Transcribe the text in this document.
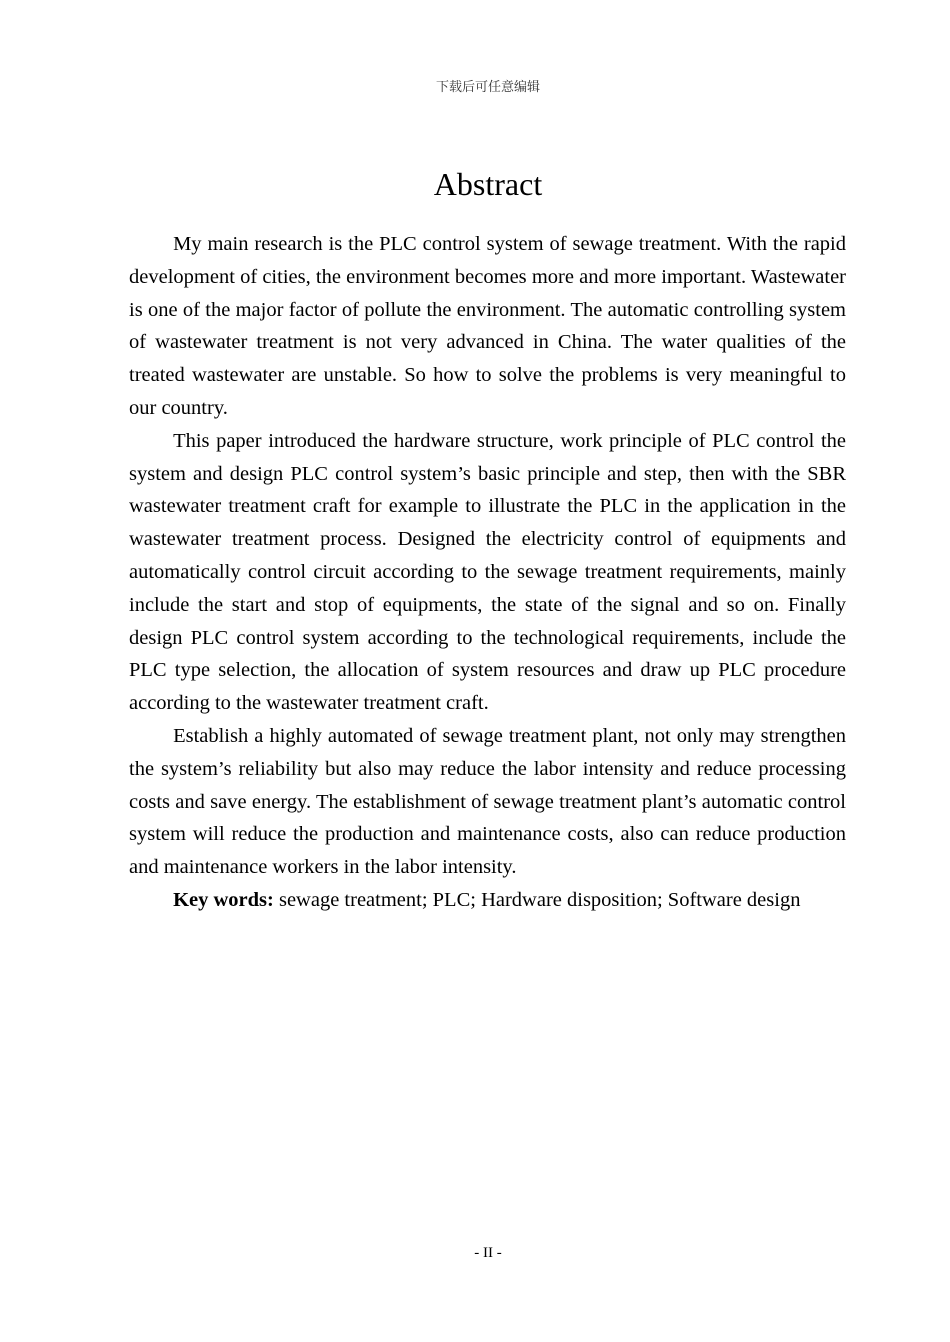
下载后可任意编辑
Abstract

My main research is the PLC control system of sewage treatment. With the rapid development of cities, the environment becomes more and more important. Wastewater is one of the major factor of pollute the environment. The automatic controlling system of wastewater treatment is not very advanced in China. The water qualities of the treated wastewater are unstable. So how to solve the problems is very meaningful to our country.

This paper introduced the hardware structure, work principle of PLC control the system and design PLC control system’s basic principle and step, then with the SBR wastewater treatment craft for example to illustrate the PLC in the application in the wastewater treatment process. Designed the electricity control of equipments and automatically control circuit according to the sewage treatment requirements, mainly include the start and stop of equipments, the state of the signal and so on. Finally design PLC control system according to the technological requirements, include the PLC type selection, the allocation of system resources and draw up PLC procedure according to the wastewater treatment craft.

Establish a highly automated of sewage treatment plant, not only may strengthen the system’s reliability but also may reduce the labor intensity and reduce processing costs and save energy. The establishment of sewage treatment plant’s automatic control system will reduce the production and maintenance costs, also can reduce production and maintenance workers in the labor intensity.

Key words: sewage treatment; PLC; Hardware disposition; Software design

- II -
